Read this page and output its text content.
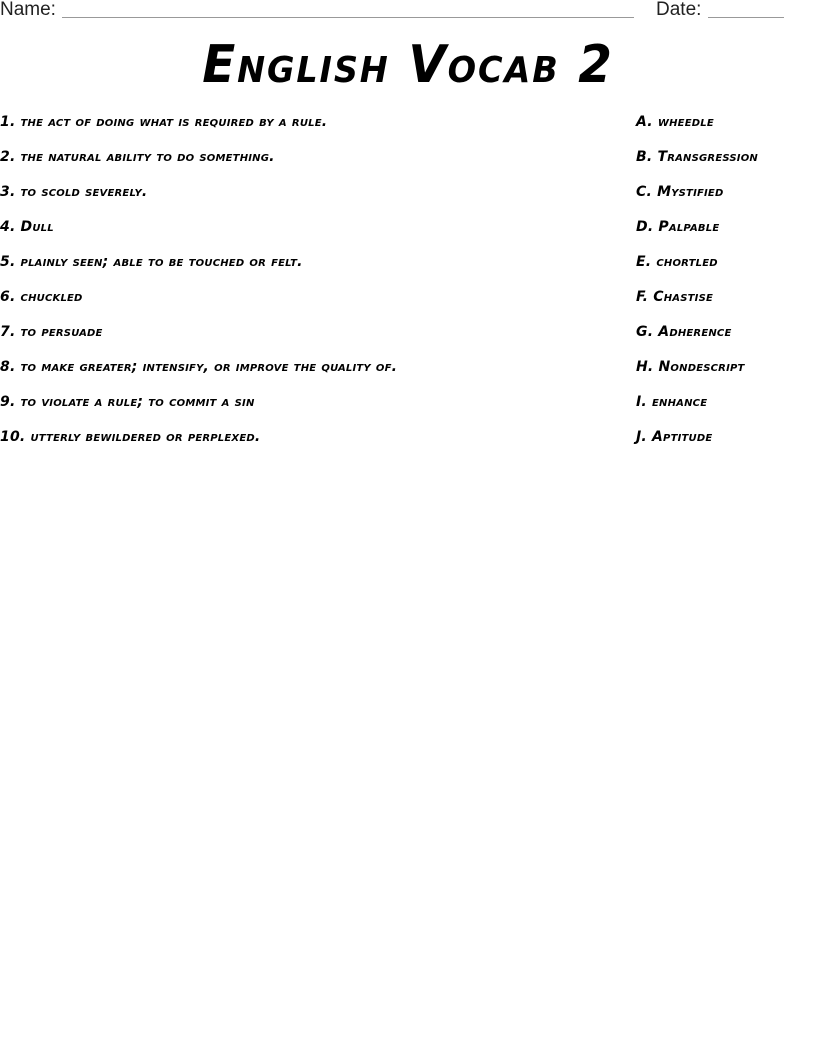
Name:	Date:
English Vocab 2
1. the act of doing what is required by a rule.	A. wheedle
2. the natural ability to do something.	B. Transgression
3. to scold severely.	C. Mystified
4. Dull	D. Palpable
5. plainly seen; able to be touched or felt.	E. chortled
6. chuckled	F. Chastise
7. to persuade	G. Adherence
8. to make greater; intensify, or improve the quality of.	H. Nondescript
9. to violate a rule; to commit a sin	I. enhance
10. utterly bewildered or perplexed.	J. Aptitude
